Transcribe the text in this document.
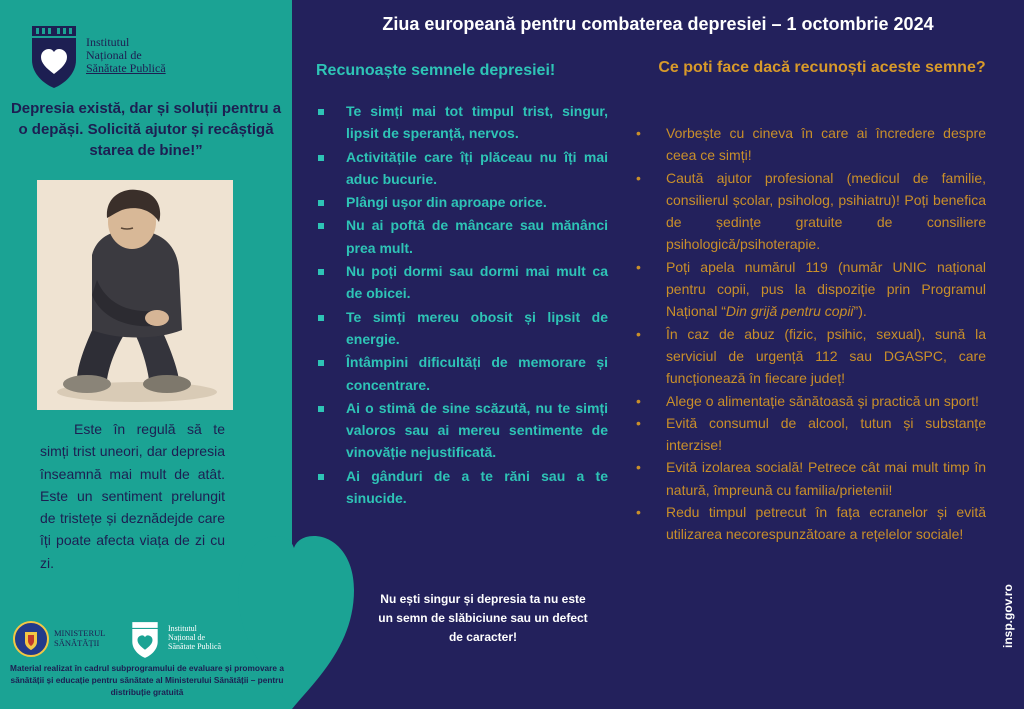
Institutul
Național de
Sănătate Publică
Depresia există, dar și soluții pentru a o depăși. Solicită ajutor și recâștigă starea de bine!”
Este în regulă să te simți trist uneori, dar depresia înseamnă mai mult de atât. Este un sentiment prelungit de tristețe și deznădejde care îți poate afecta viața de zi cu zi.
MINISTERUL
SĂNĂTĂȚII
Institutul
Național de
Sănătate Publică
Material realizat în cadrul subprogramului de evaluare și promovare a sănătății și educație pentru sănătate al Ministerului Sănătății – pentru distribuție gratuită
Ziua europeană pentru combaterea depresiei – 1 octombrie 2024
Recunoaște semnele depresiei!
Te simți mai tot timpul trist, singur, lipsit de speranță, nervos.
Activitățile care îți plăceau nu îți mai aduc bucurie.
Plângi ușor din aproape orice.
Nu ai poftă de mâncare sau mănânci prea mult.
Nu poți dormi sau dormi mai mult ca de obicei.
Te simți mereu obosit și lipsit de energie.
Întâmpini dificultăți de memorare și concentrare.
Ai o stimă de sine scăzută, nu te simți valoros sau ai mereu sentimente de vinovăție nejustificată.
Ai gânduri de a te răni sau a te sinucide.
Ce poti face dacă recunoști aceste semne?
• Vorbește cu cineva în care ai încredere despre ceea ce simți!
• Caută ajutor profesional (medicul de familie, consilierul școlar, psiholog, psihiatru)! Poți benefica de ședințe gratuite de consiliere psihologică/psihoterapie.
• Poți apela numărul 119 (număr UNIC național pentru copii, pus la dispoziție prin Programul Național “Din grijă pentru copii”).
• În caz de abuz (fizic, psihic, sexual), sună la serviciul de urgență 112 sau DGASPC, care funcționează în fiecare județ!
• Alege o alimentație sănătoasă și practică un sport!
• Evită consumul de alcool, tutun și substanțe interzise!
• Evită izolarea socială! Petrece cât mai mult timp în natură, împreună cu familia/prietenii!
• Redu timpul petrecut în fața ecranelor și evită utilizarea necorespunzătoare a rețelelor sociale!
Nu ești singur și depresia ta nu este un semn de slăbiciune sau un defect de caracter!	insp.gov.ro
